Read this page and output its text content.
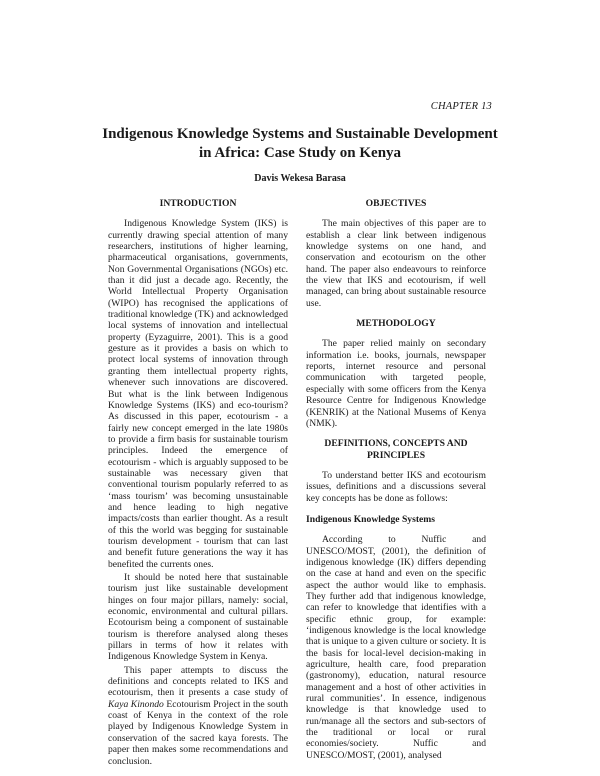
CHAPTER 13
Indigenous Knowledge Systems and Sustainable Development in Africa: Case Study on Kenya
Davis Wekesa Barasa
INTRODUCTION

Indigenous Knowledge System (IKS) is currently drawing special attention of many researchers, institutions of higher learning, pharmaceutical organisations, governments, Non Governmental Organisations (NGOs) etc. than it did just a decade ago. Recently, the World Intellectual Property Organisation (WIPO) has recognised the applications of traditional knowledge (TK) and acknowledged local systems of innovation and intellectual property (Eyzaguirre, 2001). This is a good gesture as it provides a basis on which to protect local systems of innovation through granting them intellectual property rights, whenever such innovations are discovered. But what is the link between Indigenous Knowledge Systems (IKS) and eco-tourism? As discussed in this paper, ecotourism - a fairly new concept emerged in the late 1980s to provide a firm basis for sustainable tourism principles. Indeed the emergence of ecotourism - which is arguably supposed to be sustainable was necessary given that conventional tourism popularly referred to as ‘mass tourism’ was becoming unsustainable and hence leading to high negative impacts/costs than earlier thought. As a result of this the world was begging for sustainable tourism development - tourism that can last and benefit future generations the way it has benefited the currents ones.

It should be noted here that sustainable tourism just like sustainable development hinges on four major pillars, namely: social, economic, environmental and cultural pillars. Ecotourism being a component of sustainable tourism is therefore analysed along theses pillars in terms of how it relates with Indigenous Knowledge System in Kenya.

This paper attempts to discuss the definitions and concepts related to IKS and ecotourism, then it presents a case study of Kaya Kinondo Ecotourism Project in the south coast of Kenya in the context of the role played by Indigenous Knowledge System in conservation of the sacred kaya forests. The paper then makes some recommendations and conclusion.

OBJECTIVES

The main objectives of this paper are to establish a clear link between indigenous knowledge systems on one hand, and conservation and ecotourism on the other hand. The paper also endeavours to reinforce the view that IKS and ecotourism, if well managed, can bring about sustainable resource use.

METHODOLOGY

The paper relied mainly on secondary information i.e. books, journals, newspaper reports, internet resource and personal communication with targeted people, especially with some officers from the Kenya Resource Centre for Indigenous Knowledge (KENRIK) at the National Musems of Kenya (NMK).

DEFINITIONS, CONCEPTS AND PRINCIPLES

To understand better IKS and ecotourism issues, definitions and a discussions several key concepts has be done as follows:

Indigenous Knowledge Systems

According to Nuffic and UNESCO/MOST, (2001), the definition of indigenous knowledge (IK) differs depending on the case at hand and even on the specific aspect the author would like to emphasis. They further add that indigenous knowledge, can refer to knowledge that identifies with a specific ethnic group, for example: ‘indigenous knowledge is the local knowledge that is unique to a given culture or society. It is the basis for local-level decision-making in agriculture, health care, food preparation (gastronomy), education, natural resource management and a host of other activities in rural communities’. In essence, indigenous knowledge is that knowledge used to run/manage all the sectors and sub-sectors of the traditional or local or rural economies/society. Nuffic and UNESCO/MOST, (2001), analysed
